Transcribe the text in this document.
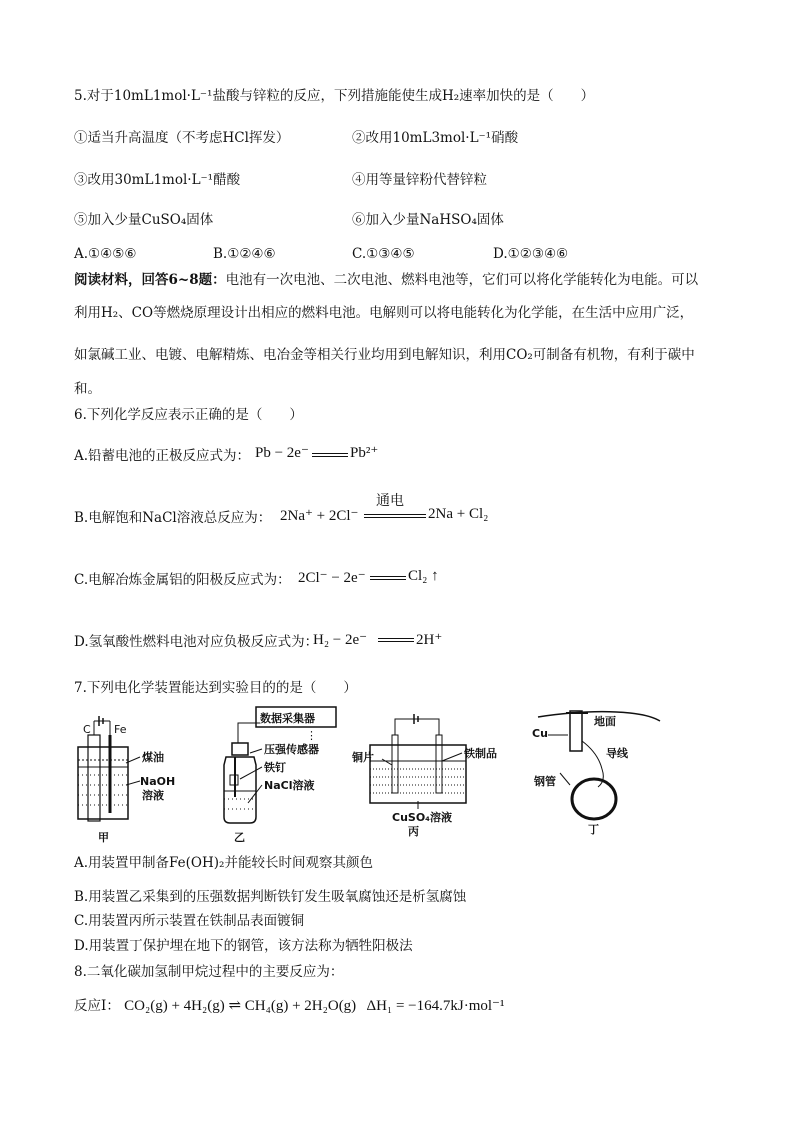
5.对于10mL1mol·L⁻¹盐酸与锌粒的反应，下列措施能使生成H₂速率加快的是（　　）
①适当升高温度（不考虑HCl挥发）	②改用10mL3mol·L⁻¹硝酸
③改用30mL1mol·L⁻¹醋酸	④用等量锌粉代替锌粒
⑤加入少量CuSO₄固体	⑥加入少量NaHSO₄固体
A.①④⑤⑥	B.①②④⑥	C.①③④⑤	D.①②③④⑥
阅读材料，回答6~8题：电池有一次电池、二次电池、燃料电池等，它们可以将化学能转化为电能。可以
利用H₂、CO等燃烧原理设计出相应的燃料电池。电解则可以将电能转化为化学能，在生活中应用广泛，
如氯碱工业、电镀、电解精炼、电冶金等相关行业均用到电解知识，利用CO₂可制备有机物，有利于碳中
和。
6.下列化学反应表示正确的是（　　）
A.铅蓄电池的正极反应式为： Pb − 2e⁻	Pb²⁺
B.电解饱和NaCl溶液总反应为： 2Na⁺ + 2Cl⁻
通电
2Na + Cl₂
C.电解冶炼金属铝的阳极反应式为： 2Cl⁻ − 2e⁻	Cl₂ ↑
D.氢氧酸性燃料电池对应负极反应式为：
H₂ − 2e⁻	2H⁺
7.下列电化学装置能达到实验目的的是（　　）
C Fe
煤油
NaOH
溶液
甲
数据采集器
⋮
压强传感器
铁钉
NaCl溶液
乙
铜片	铁制品
CuSO₄溶液
丙
地面
Cu
导线
钢管
丁
A.用装置甲制备Fe(OH)₂并能较长时间观察其颜色
B.用装置乙采集到的压强数据判断铁钉发生吸氧腐蚀还是析氢腐蚀
C.用装置丙所示装置在铁制品表面镀铜
D.用装置丁保护埋在地下的钢管，该方法称为牺牲阳极法
8.二氧化碳加氢制甲烷过程中的主要反应为：
反应Ⅰ： CO₂(g) + 4H₂(g) ⇌ CH₄(g) + 2H₂O(g) ΔH₁ = −164.7kJ·mol⁻¹
